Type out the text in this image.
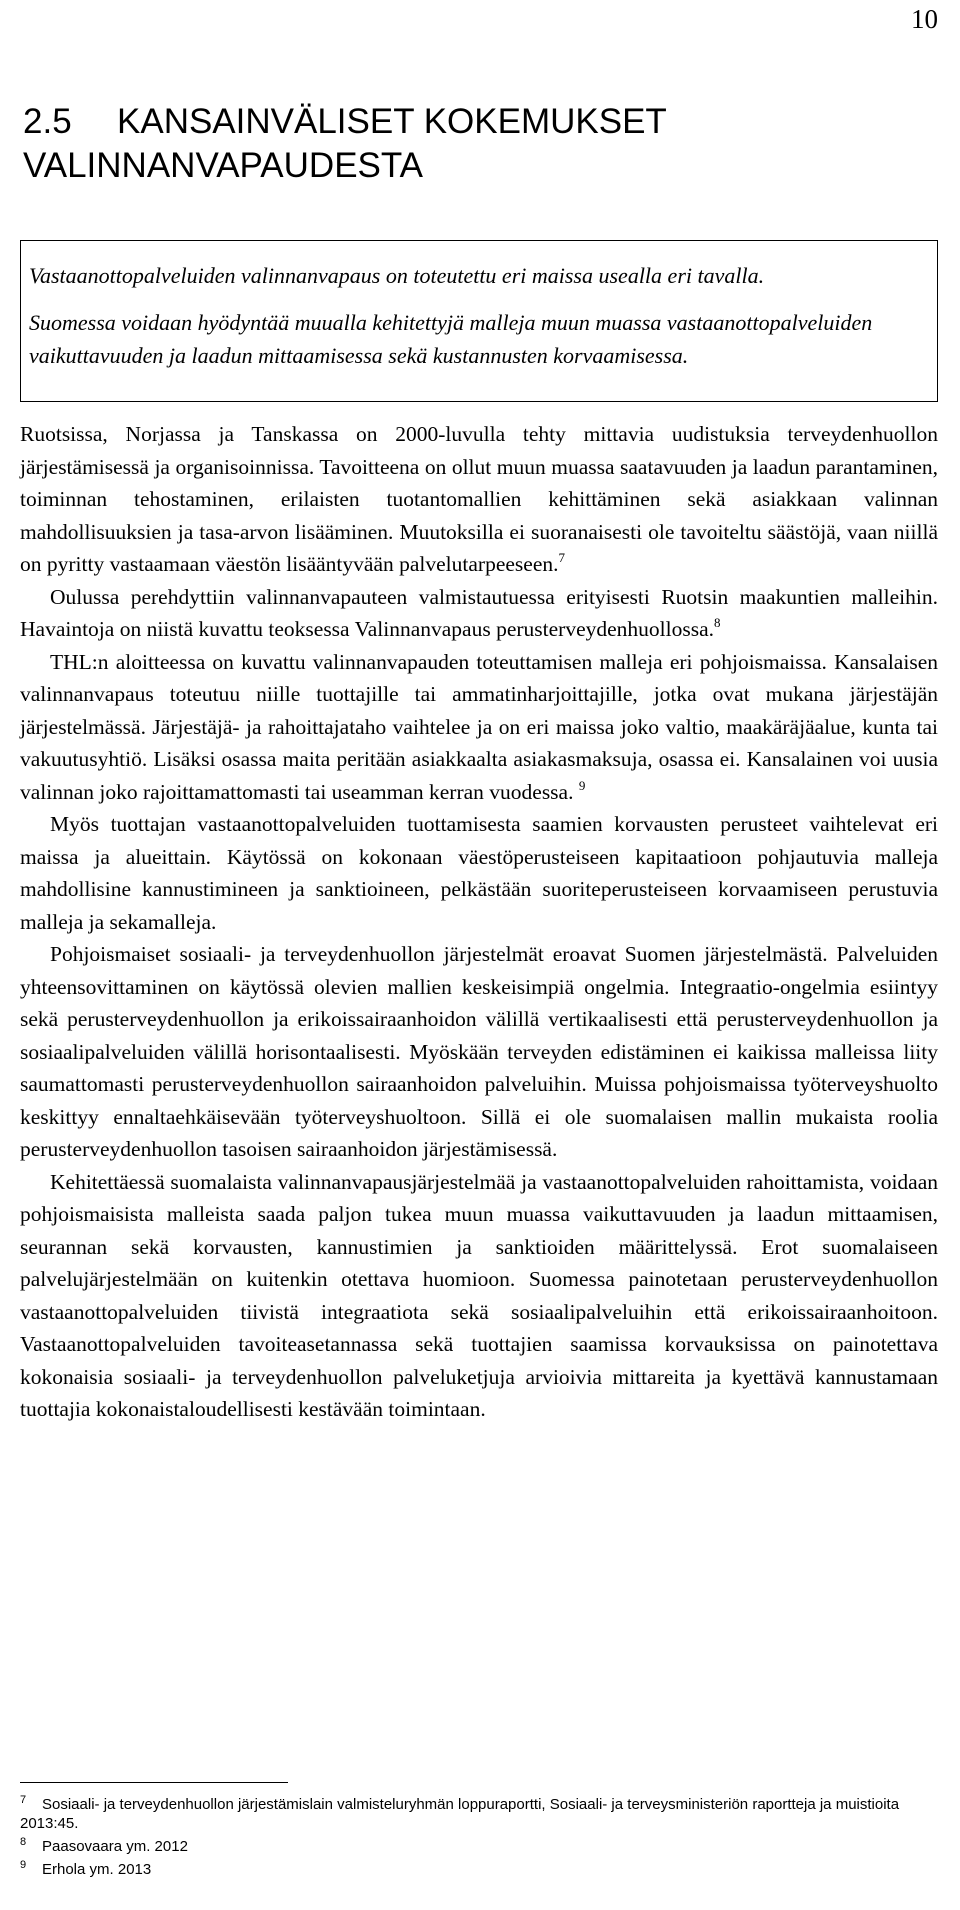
10
2.5 KANSAINVÄLISET KOKEMUKSET
VALINNANVAPAUDESTA

Vastaanottopalveluiden valinnanvapaus on toteutettu eri maissa usealla eri tavalla.

Suomessa voidaan hyödyntää muualla kehitettyjä malleja muun muassa vastaanottopalveluiden vaikuttavuuden ja laadun mittaamisessa sekä kustannusten korvaamisessa.

Ruotsissa, Norjassa ja Tanskassa on 2000-luvulla tehty mittavia uudistuksia terveydenhuollon järjestämisessä ja organisoinnissa. Tavoitteena on ollut muun muassa saatavuuden ja laadun parantaminen, toiminnan tehostaminen, erilaisten tuotantomallien kehittäminen sekä asiakkaan valinnan mahdollisuuksien ja tasa-arvon lisääminen. Muutoksilla ei suoranaisesti ole tavoiteltu säästöjä, vaan niillä on pyritty vastaamaan väestön lisääntyvään palvelutarpeeseen.$^7$

Oulussa perehdyttiin valinnanvapauteen valmistautuessa erityisesti Ruotsin maakuntien malleihin. Havaintoja on niistä kuvattu teoksessa Valinnanvapaus perusterveydenhuollossa.$^8$

THL:n aloitteessa on kuvattu valinnanvapauden toteuttamisen malleja eri pohjoismaissa. Kansalaisen valinnanvapaus toteutuu niille tuottajille tai ammatinharjoittajille, jotka ovat mukana järjestäjän järjestelmässä. Järjestäjä- ja rahoittajataho vaihtelee ja on eri maissa joko valtio, maakäräjäalue, kunta tai vakuutusyhtiö. Lisäksi osassa maita peritään asiakkaalta asiakasmaksuja, osassa ei. Kansalainen voi uusia valinnan joko rajoittamattomasti tai useamman kerran vuodessa. $^9$

Myös tuottajan vastaanottopalveluiden tuottamisesta saamien korvausten perusteet vaihtelevat eri maissa ja alueittain. Käytössä on kokonaan väestöperusteiseen kapitaatioon pohjautuvia malleja mahdollisine kannustimineen ja sanktioineen, pelkästään suoriteperusteiseen korvaamiseen perustuvia malleja ja sekamalleja.

Pohjoismaiset sosiaali- ja terveydenhuollon järjestelmät eroavat Suomen järjestelmästä. Palveluiden yhteensovittaminen on käytössä olevien mallien keskeisimpiä ongelmia. Integraatio-ongelmia esiintyy sekä perusterveydenhuollon ja erikoissairaanhoidon välillä vertikaalisesti että perusterveydenhuollon ja sosiaalipalveluiden välillä horisontaalisesti. Myöskään terveyden edistäminen ei kaikissa malleissa liity saumattomasti perusterveydenhuollon sairaanhoidon palveluihin. Muissa pohjoismaissa työterveyshuolto keskittyy ennaltaehkäisevään työterveyshuoltoon. Sillä ei ole suomalaisen mallin mukaista roolia perusterveydenhuollon tasoisen sairaanhoidon järjestämisessä.

Kehitettäessä suomalaista valinnanvapausjärjestelmää ja vastaanottopalveluiden rahoittamista, voidaan pohjoismaisista malleista saada paljon tukea muun muassa vaikuttavuuden ja laadun mittaamisen, seurannan sekä korvausten, kannustimien ja sanktioiden määrittelyssä. Erot suomalaiseen palvelujärjestelmään on kuitenkin otettava huomioon. Suomessa painotetaan perusterveydenhuollon vastaanottopalveluiden tiivistä integraatiota sekä sosiaalipalveluihin että erikoissairaanhoitoon. Vastaanottopalveluiden tavoiteasetannassa sekä tuottajien saamissa korvauksissa on painotettava kokonaisia sosiaali- ja terveydenhuollon palveluketjuja arvioivia mittareita ja kyettävä kannustamaan tuottajia kokonaistaloudellisesti kestävään toimintaan.

7 Sosiaali- ja terveydenhuollon järjestämislain valmisteluryhmän loppuraportti, Sosiaali- ja terveysministeriön raportteja ja muistioita 2013:45.

8 Paasovaara ym. 2012

9 Erhola ym. 2013
